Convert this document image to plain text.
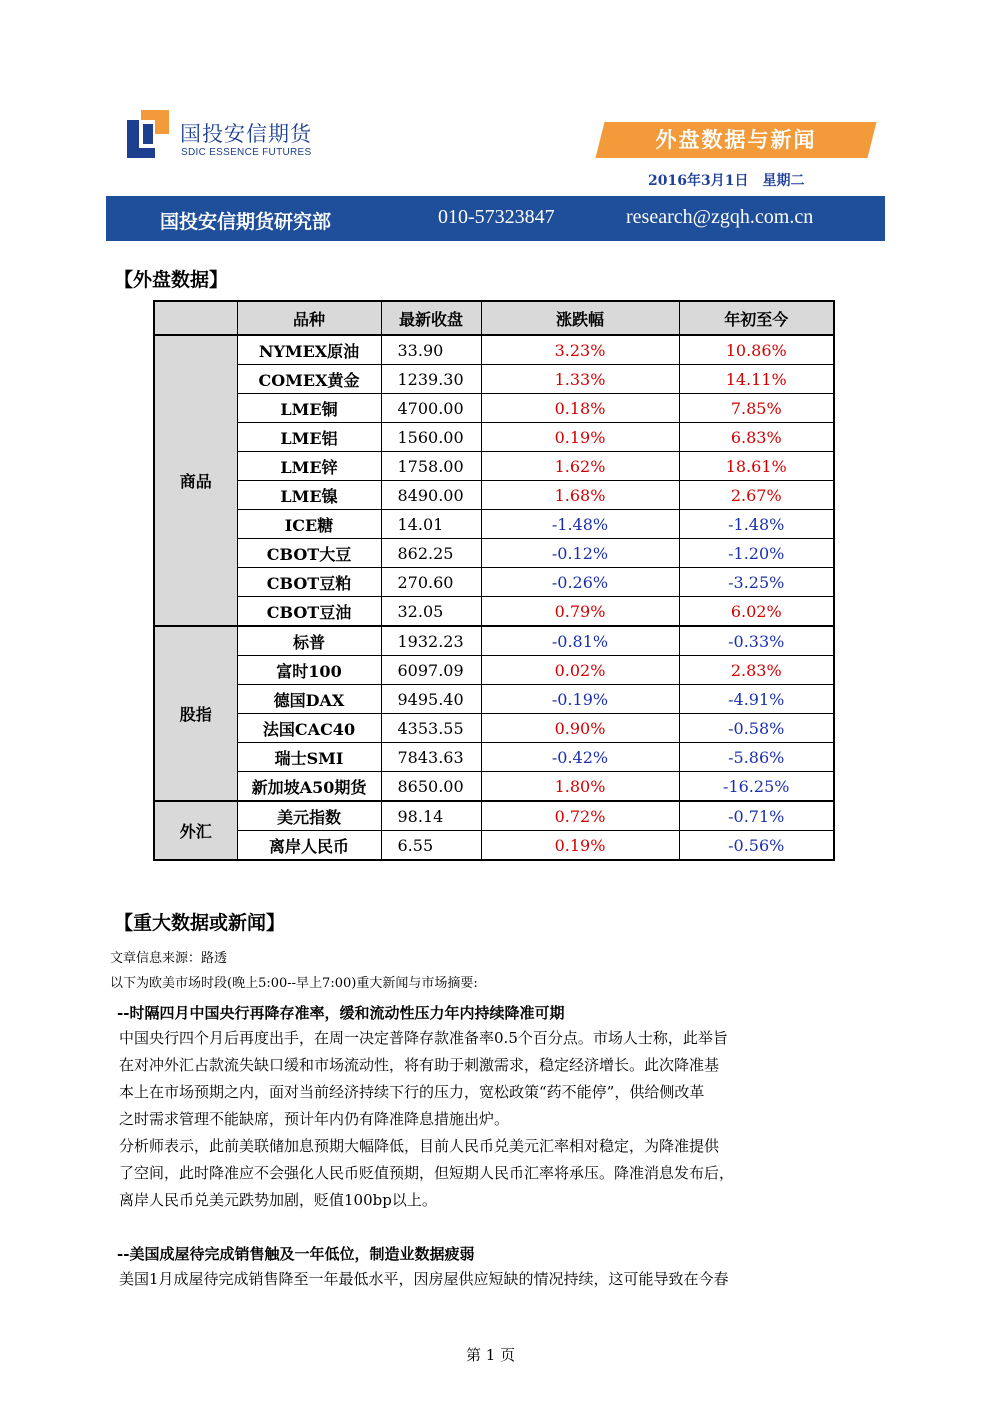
国投安信期货
SDIC ESSENCE FUTURES
外盘数据与新闻
2016年3月1日　星期二
国投安信期货研究部	010-57323847	research@zgqh.com.cn
【外盘数据】
	品种	最新收盘	涨跌幅	年初至今
商品	NYMEX原油	33.90	3.23%	10.86%
	COMEX黄金	1239.30	1.33%	14.11%
	LME铜	4700.00	0.18%	7.85%
	LME铝	1560.00	0.19%	6.83%
	LME锌	1758.00	1.62%	18.61%
	LME镍	8490.00	1.68%	2.67%
	ICE糖	14.01	-1.48%	-1.48%
	CBOT大豆	862.25	-0.12%	-1.20%
	CBOT豆粕	270.60	-0.26%	-3.25%
	CBOT豆油	32.05	0.79%	6.02%
股指	标普	1932.23	-0.81%	-0.33%
	富时100	6097.09	0.02%	2.83%
	德国DAX	9495.40	-0.19%	-4.91%
	法国CAC40	4353.55	0.90%	-0.58%
	瑞士SMI	7843.63	-0.42%	-5.86%
	新加坡A50期货	8650.00	1.80%	-16.25%
外汇	美元指数	98.14	0.72%	-0.71%
	离岸人民币	6.55	0.19%	-0.56%
【重大数据或新闻】
文章信息来源：路透
以下为欧美市场时段(晚上5:00--早上7:00)重大新闻与市场摘要:
--时隔四月中国央行再降存准率，缓和流动性压力年内持续降准可期
中国央行四个月后再度出手，在周一决定普降存款准备率0.5个百分点。市场人士称，此举旨
在对冲外汇占款流失缺口缓和市场流动性，将有助于刺激需求，稳定经济增长。此次降准基
本上在市场预期之内，面对当前经济持续下行的压力，宽松政策“药不能停”，供给侧改革
之时需求管理不能缺席，预计年内仍有降准降息措施出炉。
分析师表示，此前美联储加息预期大幅降低，目前人民币兑美元汇率相对稳定，为降准提供
了空间，此时降准应不会强化人民币贬值预期，但短期人民币汇率将承压。降准消息发布后，
离岸人民币兑美元跌势加剧，贬值100bp以上。
--美国成屋待完成销售触及一年低位，制造业数据疲弱
美国1月成屋待完成销售降至一年最低水平，因房屋供应短缺的情况持续，这可能导致在今春
第 1 页
